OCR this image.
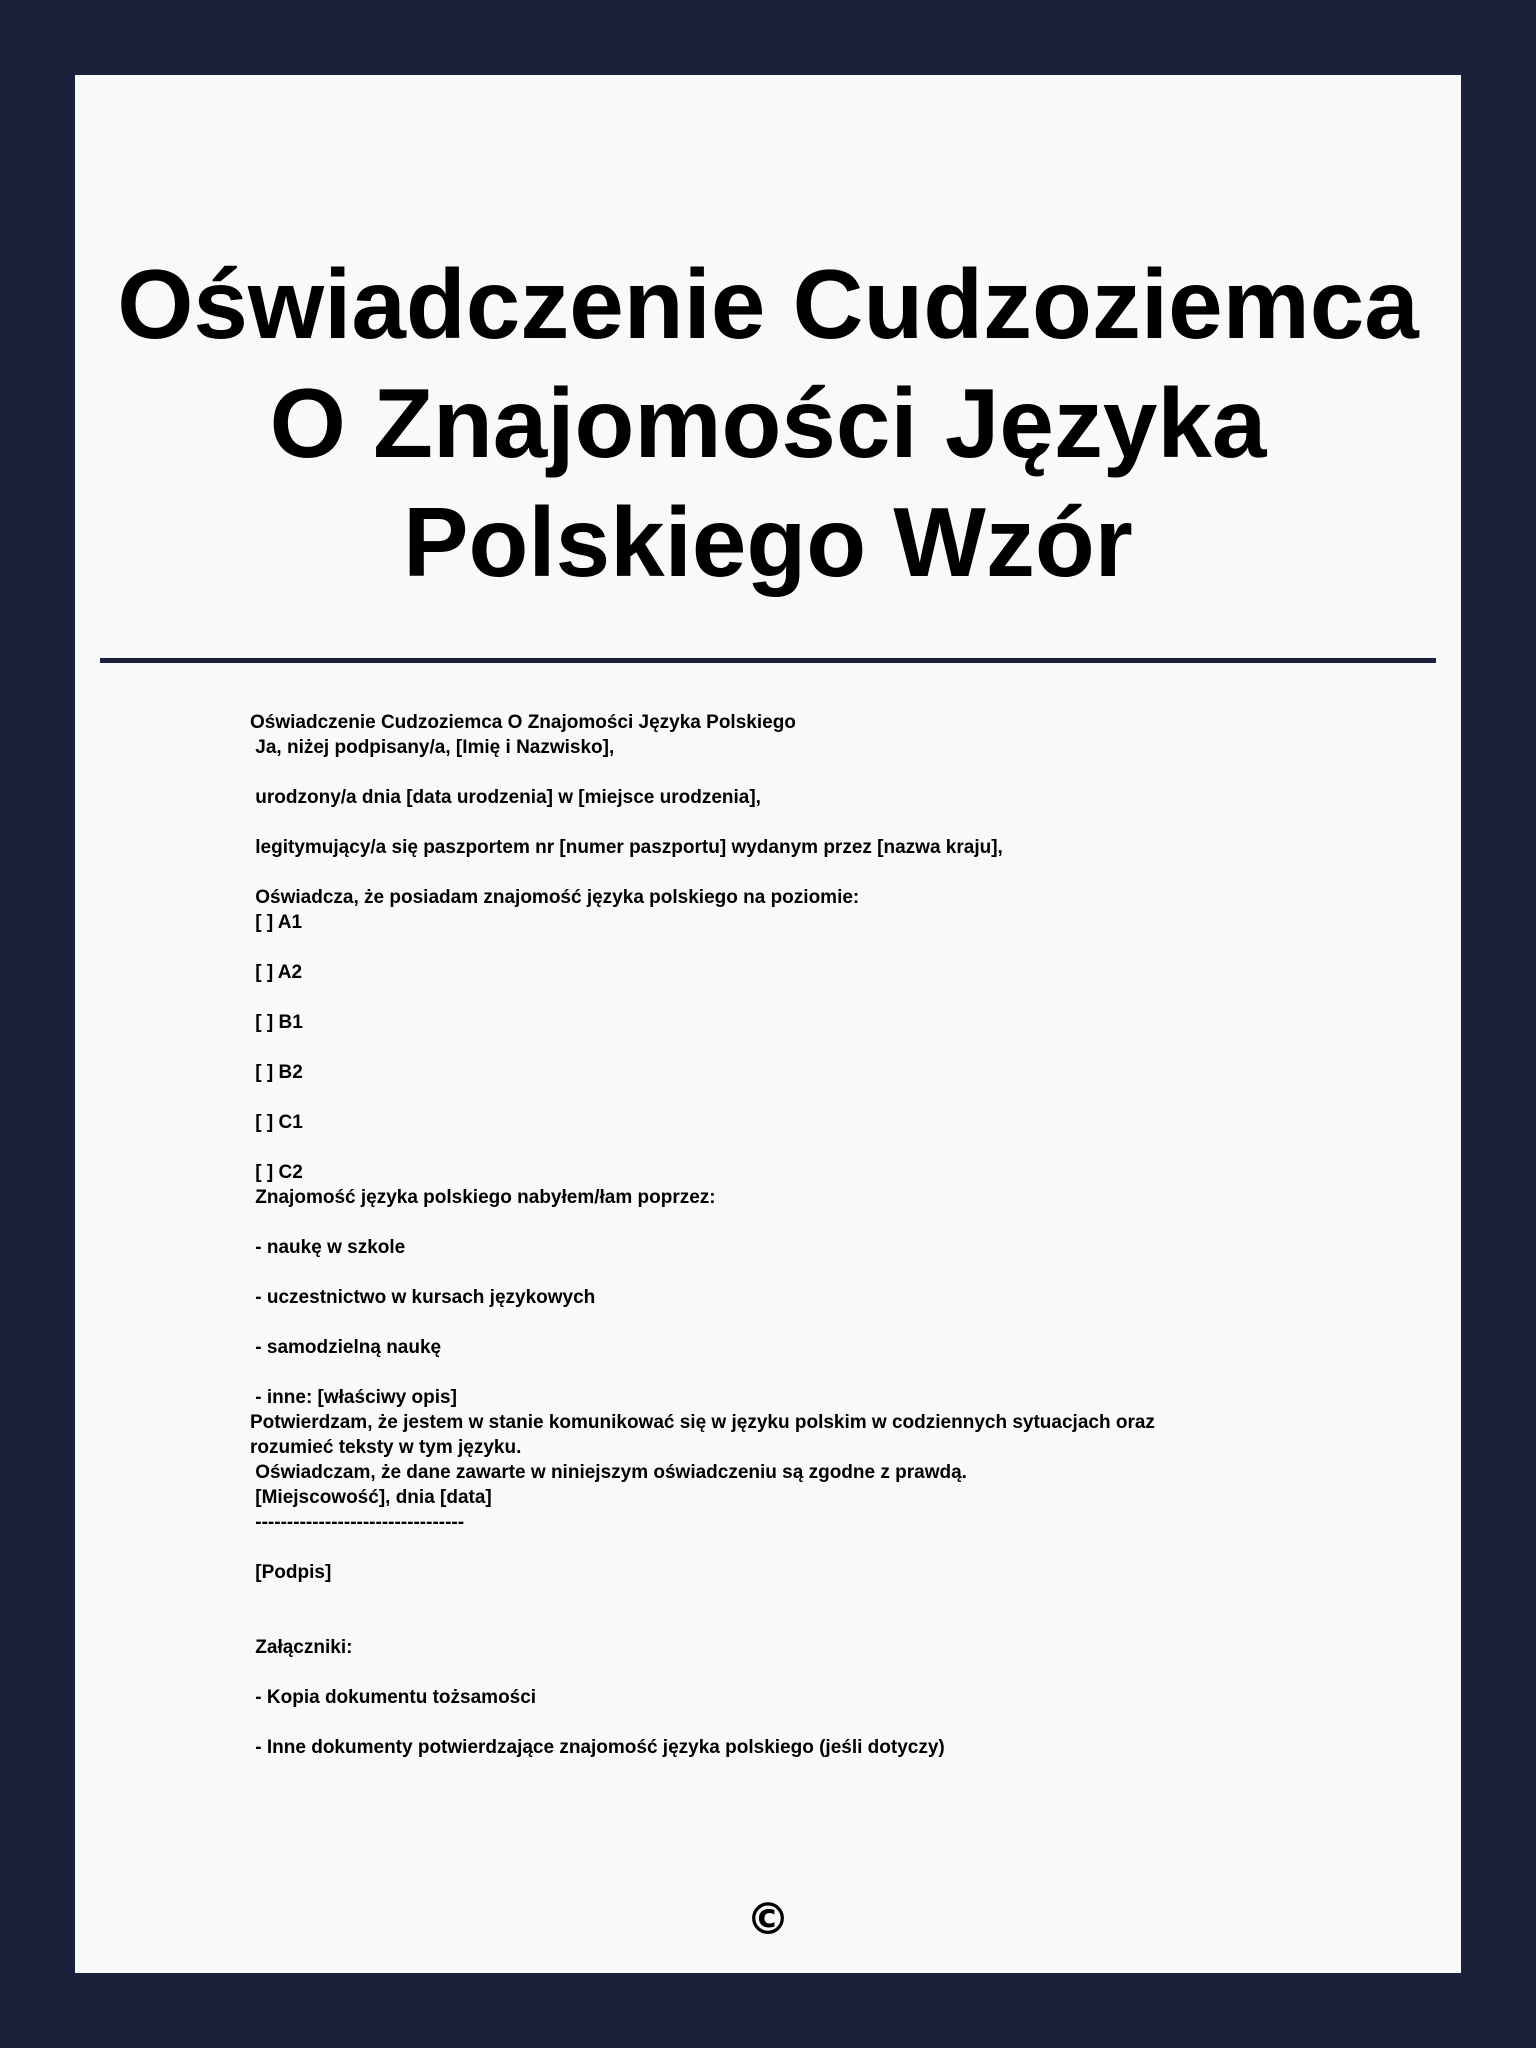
Oświadczenie Cudzoziemca O Znajomości Języka Polskiego Wzór
Oświadczenie Cudzoziemca O Znajomości Języka Polskiego
Ja, niżej podpisany/a, [Imię i Nazwisko],

urodzony/a dnia [data urodzenia] w [miejsce urodzenia],

legitymujący/a się paszportem nr [numer paszportu] wydanym przez [nazwa kraju],

Oświadcza, że posiadam znajomość języka polskiego na poziomie:
[ ] A1

[ ] A2

[ ] B1

[ ] B2

[ ] C1

[ ] C2
Znajomość języka polskiego nabyłem/łam poprzez:

- naukę w szkole

- uczestnictwo w kursach językowych

- samodzielną naukę

- inne: [właściwy opis]
Potwierdzam, że jestem w stanie komunikować się w języku polskim w codziennych sytuacjach oraz
rozumieć teksty w tym języku.
Oświadczam, że dane zawarte w niniejszym oświadczeniu są zgodne z prawdą.
[Miejscowość], dnia [data]
---------------------------------

[Podpis]

Załączniki:

- Kopia dokumentu tożsamości

- Inne dokumenty potwierdzające znajomość języka polskiego (jeśli dotyczy)
©
